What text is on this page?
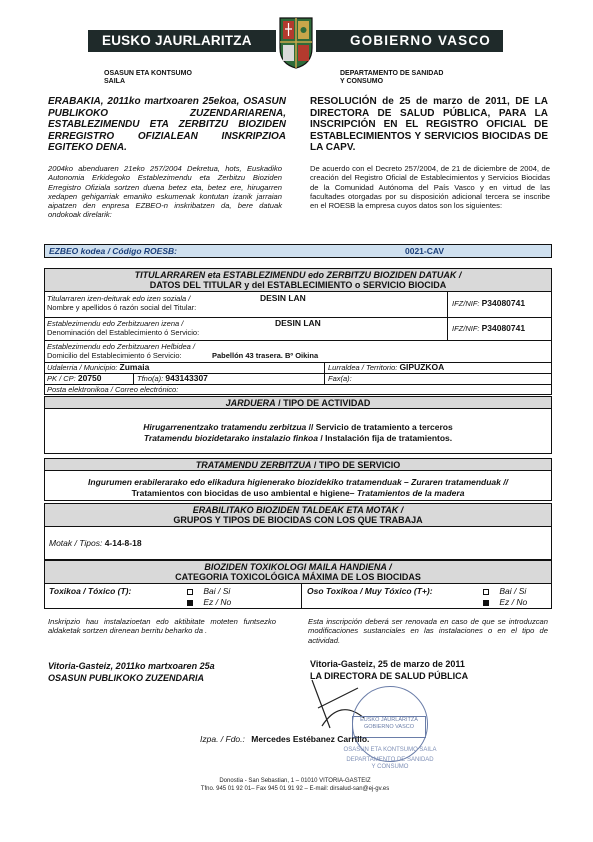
EUSKO JAURLARITZA	GOBIERNO VASCO
OSASUN ETA KONTSUMO
SAILA
DEPARTAMENTO DE SANIDAD
Y CONSUMO
ERABAKIA, 2011ko martxoaren 25ekoa, OSASUN PUBLIKOKO ZUZENDARIARENA, ESTABLEZIMENDU ETA ZERBITZU BIOZIDEN ERREGISTRO OFIZIALEAN INSKRIPZIOA EGITEKO DENA.
RESOLUCIÓN de 25 de marzo de 2011, DE LA DIRECTORA DE SALUD PÚBLICA, PARA LA INSCRIPCIÓN EN EL REGISTRO OFICIAL DE ESTABLECIMIENTOS Y SERVICIOS BIOCIDAS DE LA CAPV.
2004ko abenduaren 21eko 257/2004 Dekretua, hots, Euskadiko Autonomia Erkidegoko Establezimendu eta Zerbitzu Bioziden Erregistro Ofiziala sortzen duena betez eta, betez ere, hirugarren xedapen gehigarriak emaniko eskumenak kontutan izanik jarraian aipatzen den enpresa EZBEO-n inskribatzen da, bere datuak ondokoak direlarik:
De acuerdo con el Decreto 257/2004, de 21 de diciembre de 2004, de creación del Registro Oficial de Establecimientos y Servicios Biocidas de la Comunidad Autónoma del País Vasco y en virtud de las facultades otorgadas por su disposición adicional tercera se inscribe en el ROESB la empresa cuyos datos son los siguientes:
EZBEO kodea / Código ROESB:	0021-CAV
TITULARRAREN eta ESTABLEZIMENDU edo ZERBITZU BIOZIDEN DATUAK /
DATOS DEL TITULAR y del ESTABLECIMIENTO o SERVICIO BIOCIDA
Titularraren izen-deiturak edo izen soziala /
Nombre y apellidos ó razón social del Titular:
DESIN LAN
IFZ/NIF: P34080741
Establezimendu edo Zerbitzuaren izena /
Denominación del Establecimiento ó Servicio:
DESIN LAN
IFZ/NIF: P34080741
Establezimendu edo Zerbitzuaren Helbidea /
Domicilio del Establecimiento ó Servicio:	Pabellón 43 trasera. Bº Oikina
Udalerria / Municipio: Zumaia	Lurraldea / Territorio: GIPUZKOA
PK / CP: 20750	Tfno(a): 943143307	Fax(a):
Posta elektronikoa / Correo electrónico:
JARDUERA / TIPO DE ACTIVIDAD
Hirugarrenentzako tratamendu zerbitzua // Servicio de tratamiento a terceros
Tratamendu biozidetarako instalazio finkoa / Instalación fija de tratamientos.
TRATAMENDU ZERBITZUA / TIPO DE SERVICIO
Ingurumen erabilerarako edo elikadura higienerako biozidekiko tratamenduak – Zuraren tratamenduak //
Tratamientos con biocidas de uso ambiental e higiene– Tratamientos de la madera
ERABILITAKO BIOZIDEN TALDEAK ETA MOTAK /
GRUPOS Y TIPOS DE BIOCIDAS CON LOS QUE TRABAJA
Motak / Tipos: 4-14-8-18
BIOZIDEN TOXIKOLOGI MAILA HANDIENA /
CATEGORIA TOXICOLÓGICA MÁXIMA DE LOS BIOCIDAS
Toxikoa / Tóxico (T):	Bai / Si
Ez / No
Oso Toxikoa / Muy Tóxico (T+):	Bai / Si
Ez / No
Inskripzio hau instalazioetan edo aktibitate moteten funtsezko aldaketak sortzen direnean berritu beharko da .
Esta inscripción deberá ser renovada en caso de que se introduzcan modificaciones sustanciales en las instalaciones o en el tipo de actividad.
Vitoria-Gasteiz, 2011ko martxoaren 25a
OSASUN PUBLIKOKO ZUZENDARIA
Vitoria-Gasteiz, 25 de marzo de 2011
LA DIRECTORA DE SALUD PÚBLICA
EUSKO JAURLARITZA
GOBIERNO VASCO
Izpa. / Fdo.: Mercedes Estébanez Carrillo.
OSASUN ETA KONTSUMO SAILA
DEPARTAMENTO DE SANIDAD
Y CONSUMO
Donostia - San Sebastian, 1 – 01010 VITORIA-GASTEIZ
Tfno. 945 01 92 01– Fax 945 01 91 92 – E-mail: dirsalud-san@ej-gv.es
